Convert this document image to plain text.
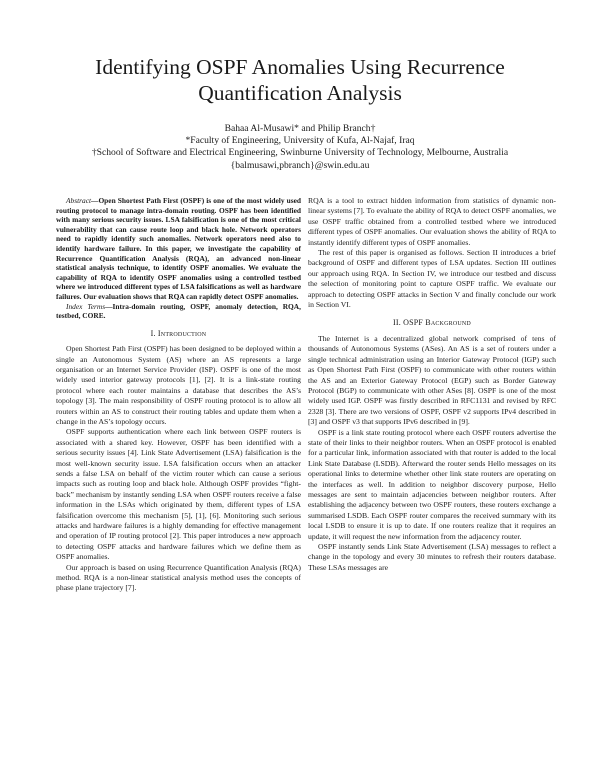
Identifying OSPF Anomalies Using Recurrence Quantification Analysis
Bahaa Al-Musawi* and Philip Branch†
*Faculty of Engineering, University of Kufa, Al-Najaf, Iraq
†School of Software and Electrical Engineering, Swinburne University of Technology, Melbourne, Australia
{balmusawi,pbranch}@swin.edu.au

Abstract—Open Shortest Path First (OSPF) is one of the most widely used routing protocol to manage intra-domain routing. OSPF has been identified with many serious security issues. LSA falsification is one of the most critical vulnerability that can cause route loop and black hole. Network operators need to rapidly identify such anomalies. Network operators need also to identify hardware failure. In this paper, we investigate the capability of Recurrence Quantification Analysis (RQA), an advanced non-linear statistical analysis technique, to identify OSPF anomalies. We evaluate the capability of RQA to identify OSPF anomalies using a controlled testbed where we introduced different types of LSA falsifications as well as hardware failures. Our evaluation shows that RQA can rapidly detect OSPF anomalies.

Index Terms—Intra-domain routing, OSPF, anomaly detection, RQA, testbed, CORE.

I. Introduction

Open Shortest Path First (OSPF) has been designed to be deployed within a single an Autonomous System (AS) where an AS represents a large organisation or an Internet Service Provider (ISP). OSPF is one of the most widely used interior gateway protocols [1], [2]. It is a link-state routing protocol where each router maintains a database that describes the AS’s topology [3]. The main responsibility of OSPF routing protocol is to allow all routers within an AS to construct their routing tables and update them when a change in the AS’s topology occurs.

OSPF supports authentication where each link between OSPF routers is associated with a shared key. However, OSPF has been identified with a serious security issues [4]. Link State Advertisement (LSA) falsification is the most well-known security issue. LSA falsification occurs when an attacker sends a false LSA on behalf of the victim router which can cause a serious impacts such as routing loop and black hole. Although OSPF provides “fight-back” mechanism by instantly sending LSA when OSPF routers receive a false information in the LSAs which originated by them, different types of LSA falsification overcome this mechanism [5], [1], [6]. Monitoring such serious attacks and hardware failures is a highly demanding for effective management and operation of IP routing protocol [2]. This paper introduces a new approach to detecting OSPF attacks and hardware failures which we define them as OSPF anomalies.

Our approach is based on using Recurrence Quantification Analysis (RQA) method. RQA is a non-linear statistical analysis method uses the concepts of phase plane trajectory [7].

RQA is a tool to extract hidden information from statistics of dynamic non-linear systems [7]. To evaluate the ability of RQA to detect OSPF anomalies, we use OSPF traffic obtained from a controlled testbed where we introduced different types of OSPF anomalies. Our evaluation shows the ability of RQA to instantly identify different types of OSPF anomalies.

The rest of this paper is organised as follows. Section II introduces a brief background of OSPF and different types of LSA updates. Section III outlines our approach using RQA. In Section IV, we introduce our testbed and discuss the selection of monitoring point to capture OSPF traffic. We evaluate our approach to detecting OSPF attacks in Section V and finally conclude our work in Section VI.

II. OSPF Background

The Internet is a decentralized global network comprised of tens of thousands of Autonomous Systems (ASes). An AS is a set of routers under a single technical administration using an Interior Gateway Protocol (IGP) such as Open Shortest Path First (OSPF) to communicate with other routers within the AS and an Exterior Gateway Protocol (EGP) such as Border Gateway Protocol (BGP) to communicate with other ASes [8]. OSPF is one of the most widely used IGP. OSPF was firstly described in RFC1131 and revised by RFC 2328 [3]. There are two versions of OSPF, OSPF v2 supports IPv4 described in [3] and OSPF v3 that supports IPv6 described in [9].

OSPF is a link state routing protocol where each OSPF routers advertise the state of their links to their neighbor routers. When an OSPF protocol is enabled for a particular link, information associated with that router is added to the local Link State Database (LSDB). Afterward the router sends Hello messages on its operational links to determine whether other link state routers are operating on the interfaces as well. In addition to neighbor discovery purpose, Hello messages are sent to maintain adjacencies between neighbor routers. After establishing the adjacency between two OSPF routers, these routers exchange a summarised LSDB. Each OSPF router compares the received summary with its local LSDB to ensure it is up to date. If one routers realize that it requires an update, it will request the new information from the adjacency router.

OSPF instantly sends Link State Advertisement (LSA) messages to reflect a change in the topology and every 30 minutes to refresh their routers database. These LSAs messages are
